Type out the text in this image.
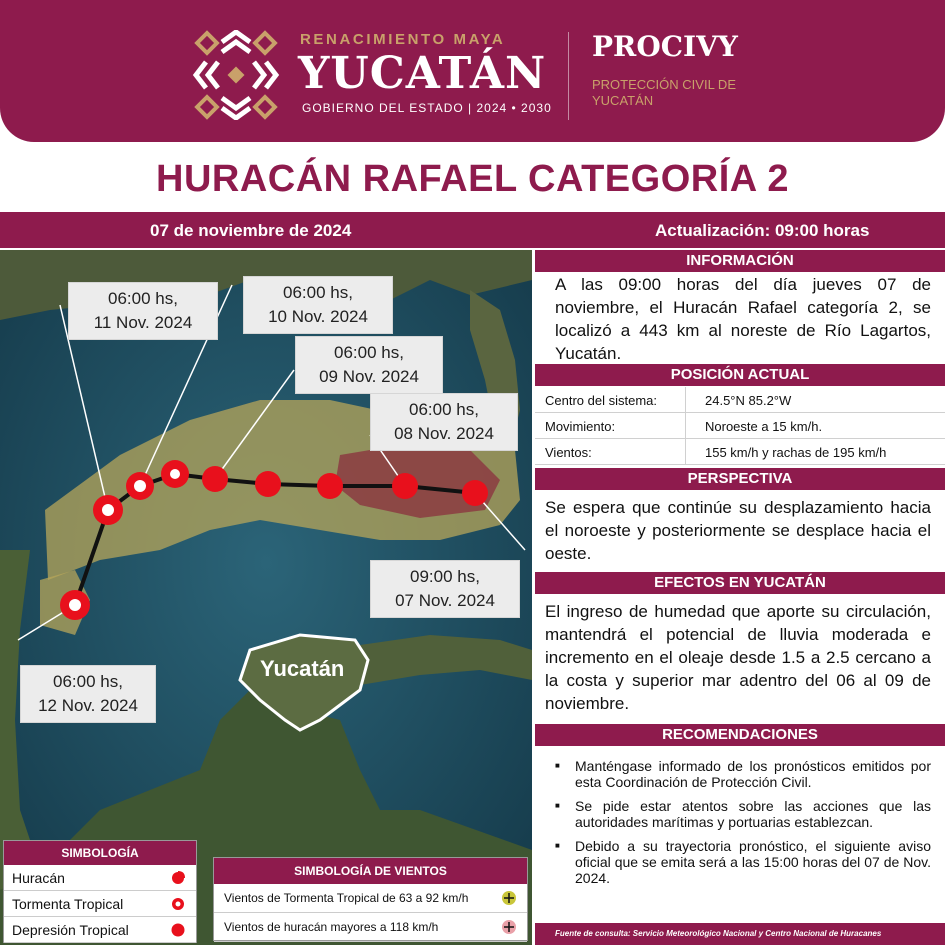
RENACIMIENTO MAYA
YUCATÁN
GOBIERNO DEL ESTADO | 2024 • 2030
PROCIVY
PROTECCIÓN CIVIL DE YUCATÁN
HURACÁN RAFAEL CATEGORÍA 2
07 de noviembre de 2024	Actualización: 09:00 horas
Yucatán
06:00 hs,
11 Nov. 2024
06:00 hs,
10 Nov. 2024
06:00 hs,
09 Nov. 2024
06:00 hs,
08 Nov. 2024
09:00 hs,
07 Nov. 2024
06:00 hs,
12 Nov. 2024
SIMBOLOGÍA
Huracán
Tormenta Tropical
Depresión Tropical
SIMBOLOGÍA DE VIENTOS
Vientos de Tormenta Tropical de 63 a 92 km/h
Vientos de huracán mayores a 118 km/h
INFORMACIÓN
A las 09:00 horas del día jueves 07 de noviembre, el Huracán Rafael categoría 2, se localizó a 443 km al noreste de Río Lagartos, Yucatán.
POSICIÓN ACTUAL
Centro del sistema:	24.5°N 85.2°W
Movimiento:	Noroeste a 15 km/h.
Vientos:	155 km/h y rachas de 195 km/h
PERSPECTIVA
Se espera que continúe su desplazamiento hacia el noroeste y posteriormente se desplace hacia el oeste.
EFECTOS EN YUCATÁN
El ingreso de humedad que aporte su circulación, mantendrá el potencial de lluvia moderada e incremento en el oleaje desde 1.5 a 2.5 cercano a la costa y superior mar adentro del 06 al 09 de noviembre.
RECOMENDACIONES
■ Manténgase informado de los pronósticos emitidos por esta Coordinación de Protección Civil.
■ Se pide estar atentos sobre las acciones que las autoridades marítimas y portuarias establezcan.
■ Debido a su trayectoria pronóstico, el siguiente aviso oficial que se emita será a las 15:00 horas del 07 de Nov. 2024.
Fuente de consulta: Servicio Meteorológico Nacional y Centro Nacional de Huracanes
